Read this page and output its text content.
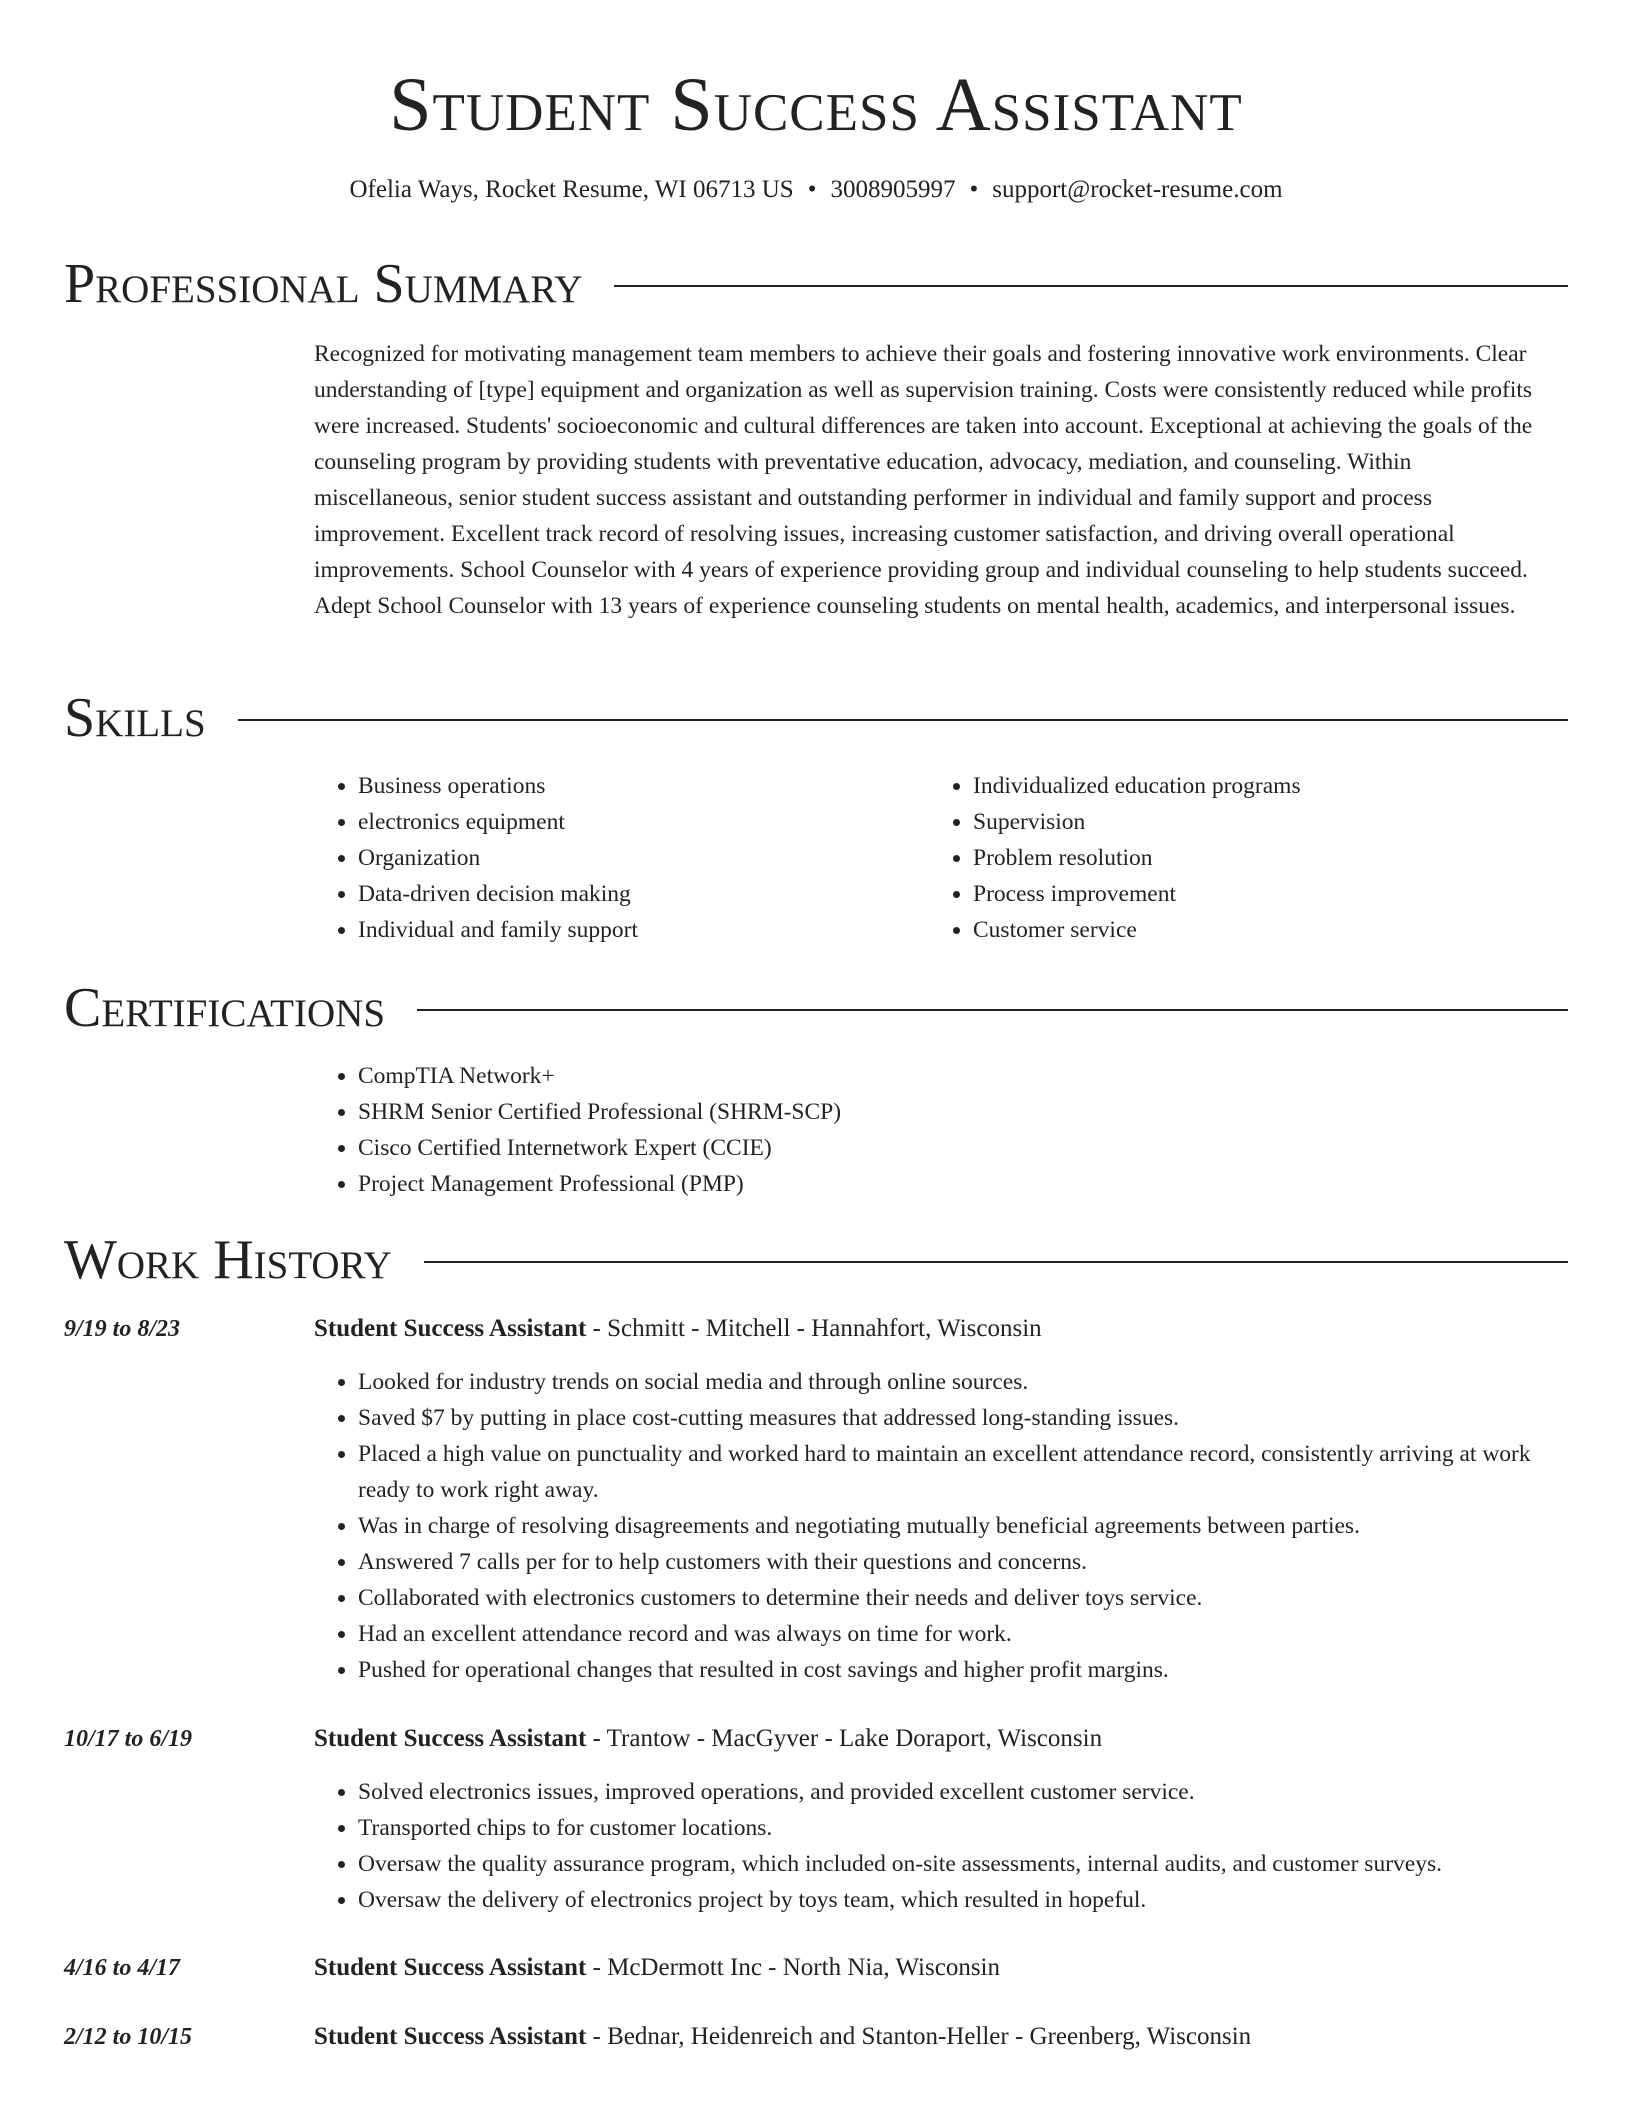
Student Success Assistant
Ofelia Ways, Rocket Resume, WI 06713 US • 3008905997 • support@rocket-resume.com
Professional Summary
Recognized for motivating management team members to achieve their goals and fostering innovative work environments. Clear understanding of [type] equipment and organization as well as supervision training. Costs were consistently reduced while profits were increased. Students' socioeconomic and cultural differences are taken into account. Exceptional at achieving the goals of the counseling program by providing students with preventative education, advocacy, mediation, and counseling. Within miscellaneous, senior student success assistant and outstanding performer in individual and family support and process improvement. Excellent track record of resolving issues, increasing customer satisfaction, and driving overall operational improvements. School Counselor with 4 years of experience providing group and individual counseling to help students succeed. Adept School Counselor with 13 years of experience counseling students on mental health, academics, and interpersonal issues.
Skills
• Business operations
• electronics equipment
• Organization
• Data-driven decision making
• Individual and family support
• Individualized education programs
• Supervision
• Problem resolution
• Process improvement
• Customer service
Certifications
• CompTIA Network+
• SHRM Senior Certified Professional (SHRM-SCP)
• Cisco Certified Internetwork Expert (CCIE)
• Project Management Professional (PMP)
Work History
9/19 to 8/23	Student Success Assistant - Schmitt - Mitchell - Hannahfort, Wisconsin
• Looked for industry trends on social media and through online sources.
• Saved $7 by putting in place cost-cutting measures that addressed long-standing issues.
• Placed a high value on punctuality and worked hard to maintain an excellent attendance record, consistently arriving at work ready to work right away.
• Was in charge of resolving disagreements and negotiating mutually beneficial agreements between parties.
• Answered 7 calls per for to help customers with their questions and concerns.
• Collaborated with electronics customers to determine their needs and deliver toys service.
• Had an excellent attendance record and was always on time for work.
• Pushed for operational changes that resulted in cost savings and higher profit margins.
10/17 to 6/19	Student Success Assistant - Trantow - MacGyver - Lake Doraport, Wisconsin
• Solved electronics issues, improved operations, and provided excellent customer service.
• Transported chips to for customer locations.
• Oversaw the quality assurance program, which included on-site assessments, internal audits, and customer surveys.
• Oversaw the delivery of electronics project by toys team, which resulted in hopeful.
4/16 to 4/17	Student Success Assistant - McDermott Inc - North Nia, Wisconsin
2/12 to 10/15	Student Success Assistant - Bednar, Heidenreich and Stanton-Heller - Greenberg, Wisconsin
